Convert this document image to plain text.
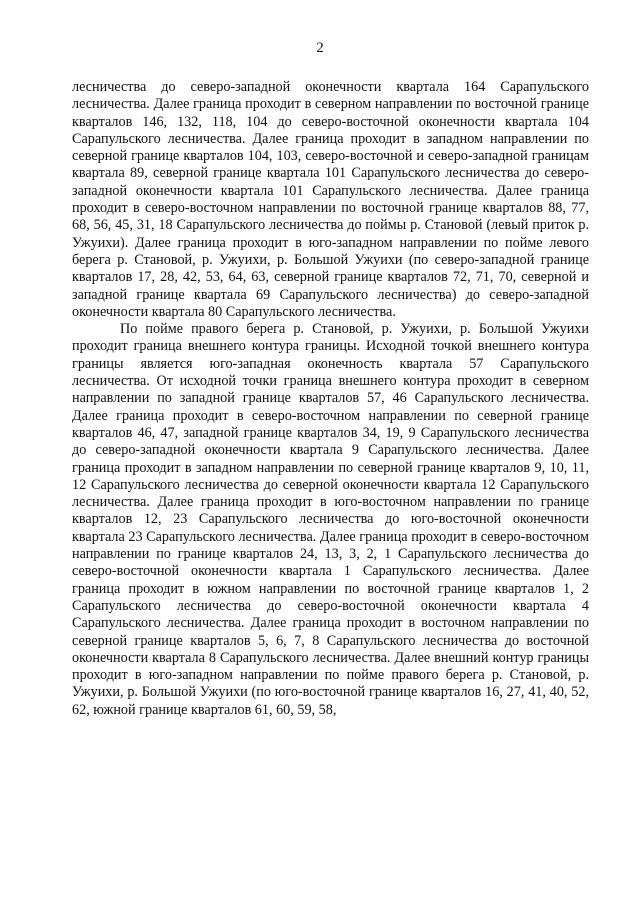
2

лесничества до северо-западной оконечности квартала 164 Сарапульского лесничества. Далее граница проходит в северном направлении по восточной границе кварталов 146, 132, 118, 104 до северо-восточной оконечности квартала 104 Сарапульского лесничества. Далее граница проходит в западном направлении по северной границе кварталов 104, 103, северо-восточной и северо-западной границам квартала 89, северной границе квартала 101 Сарапульского лесничества до северо-западной оконечности квартала 101 Сарапульского лесничества. Далее граница проходит в северо-восточном направлении по восточной границе кварталов 88, 77, 68, 56, 45, 31, 18 Сарапульского лесничества до поймы р. Становой (левый приток р. Ужуихи). Далее граница проходит в юго-западном направлении по пойме левого берега р. Становой, р. Ужуихи, р. Большой Ужуихи (по северо-западной границе кварталов 17, 28, 42, 53, 64, 63, северной границе кварталов 72, 71, 70, северной и западной границе квартала 69 Сарапульского лесничества) до северо-западной оконечности квартала 80 Сарапульского лесничества.

По пойме правого берега р. Становой, р. Ужуихи, р. Большой Ужуихи проходит граница внешнего контура границы. Исходной точкой внешнего контура границы является юго-западная оконечность квартала 57 Сарапульского лесничества. От исходной точки граница внешнего контура проходит в северном направлении по западной границе кварталов 57, 46 Сарапульского лесничества. Далее граница проходит в северо-восточном направлении по северной границе кварталов 46, 47, западной границе кварталов 34, 19, 9 Сарапульского лесничества до северо-западной оконечности квартала 9 Сарапульского лесничества. Далее граница проходит в западном направлении по северной границе кварталов 9, 10, 11, 12 Сарапульского лесничества до северной оконечности квартала 12 Сарапульского лесничества. Далее граница проходит в юго-восточном направлении по границе кварталов 12, 23 Сарапульского лесничества до юго-восточной оконечности квартала 23 Сарапульского лесничества. Далее граница проходит в северо-восточном направлении по границе кварталов 24, 13, 3, 2, 1 Сарапульского лесничества до северо-восточной оконечности квартала 1 Сарапульского лесничества. Далее граница проходит в южном направлении по восточной границе кварталов 1, 2 Сарапульского лесничества до северо-восточной оконечности квартала 4 Сарапульского лесничества. Далее граница проходит в восточном направлении по северной границе кварталов 5, 6, 7, 8 Сарапульского лесничества до восточной оконечности квартала 8 Сарапульского лесничества. Далее внешний контур границы проходит в юго-западном направлении по пойме правого берега р. Становой, р. Ужуихи, р. Большой Ужуихи (по юго-восточной границе кварталов 16, 27, 41, 40, 52, 62, южной границе кварталов 61, 60, 59, 58,
